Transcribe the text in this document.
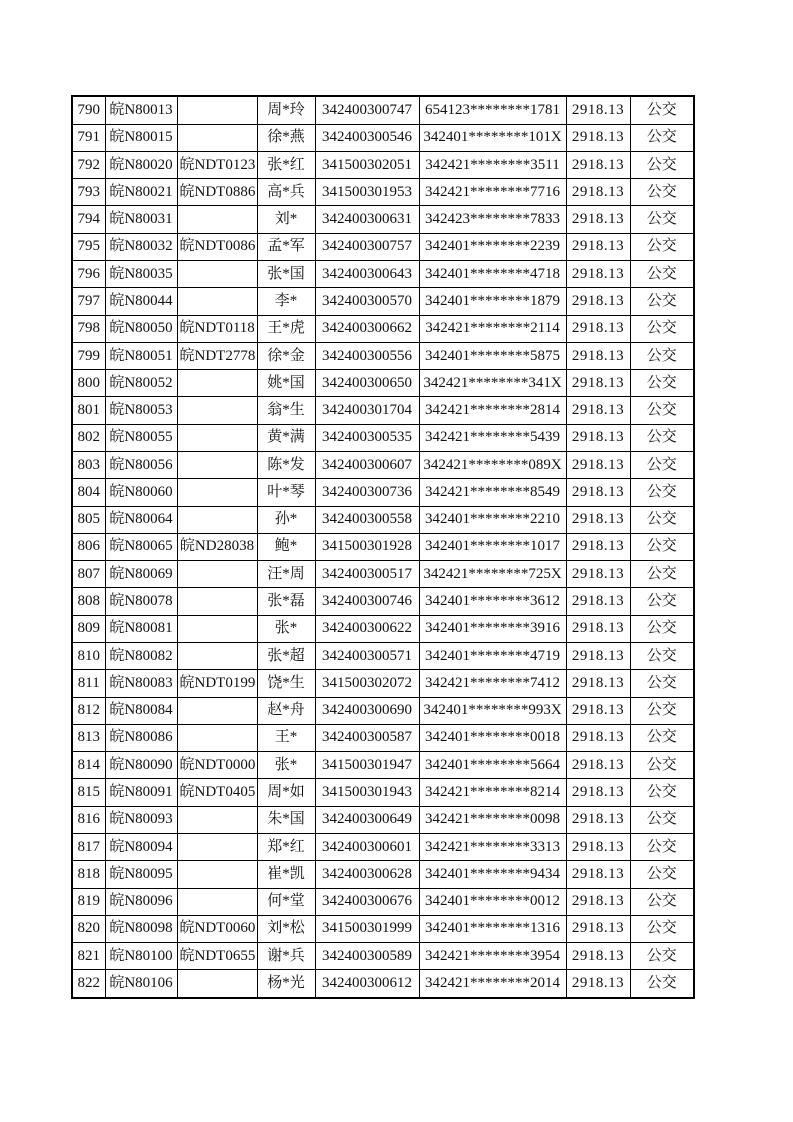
790	皖N80013		周*玲	342400300747	654123********1781	2918.13	公交
791	皖N80015		徐*燕	342400300546	342401********101X	2918.13	公交
792	皖N80020	皖NDT0123	张*红	341500302051	342421********3511	2918.13	公交
793	皖N80021	皖NDT0886	高*兵	341500301953	342421********7716	2918.13	公交
794	皖N80031		刘*	342400300631	342423********7833	2918.13	公交
795	皖N80032	皖NDT0086	孟*军	342400300757	342401********2239	2918.13	公交
796	皖N80035		张*国	342400300643	342401********4718	2918.13	公交
797	皖N80044		李*	342400300570	342401********1879	2918.13	公交
798	皖N80050	皖NDT0118	王*虎	342400300662	342421********2114	2918.13	公交
799	皖N80051	皖NDT2778	徐*金	342400300556	342401********5875	2918.13	公交
800	皖N80052		姚*国	342400300650	342421********341X	2918.13	公交
801	皖N80053		翁*生	342400301704	342421********2814	2918.13	公交
802	皖N80055		黄*满	342400300535	342421********5439	2918.13	公交
803	皖N80056		陈*发	342400300607	342421********089X	2918.13	公交
804	皖N80060		叶*琴	342400300736	342421********8549	2918.13	公交
805	皖N80064		孙*	342400300558	342401********2210	2918.13	公交
806	皖N80065	皖ND28038	鲍*	341500301928	342401********1017	2918.13	公交
807	皖N80069		汪*周	342400300517	342421********725X	2918.13	公交
808	皖N80078		张*磊	342400300746	342401********3612	2918.13	公交
809	皖N80081		张*	342400300622	342401********3916	2918.13	公交
810	皖N80082		张*超	342400300571	342401********4719	2918.13	公交
811	皖N80083	皖NDT0199	饶*生	341500302072	342421********7412	2918.13	公交
812	皖N80084		赵*舟	342400300690	342401********993X	2918.13	公交
813	皖N80086		王*	342400300587	342401********0018	2918.13	公交
814	皖N80090	皖NDT0000	张*	341500301947	342401********5664	2918.13	公交
815	皖N80091	皖NDT0405	周*如	341500301943	342421********8214	2918.13	公交
816	皖N80093		朱*国	342400300649	342421********0098	2918.13	公交
817	皖N80094		郑*红	342400300601	342421********3313	2918.13	公交
818	皖N80095		崔*凯	342400300628	342401********9434	2918.13	公交
819	皖N80096		何*堂	342400300676	342401********0012	2918.13	公交
820	皖N80098	皖NDT0060	刘*松	341500301999	342401********1316	2918.13	公交
821	皖N80100	皖NDT0655	谢*兵	342400300589	342421********3954	2918.13	公交
822	皖N80106		杨*光	342400300612	342421********2014	2918.13	公交
